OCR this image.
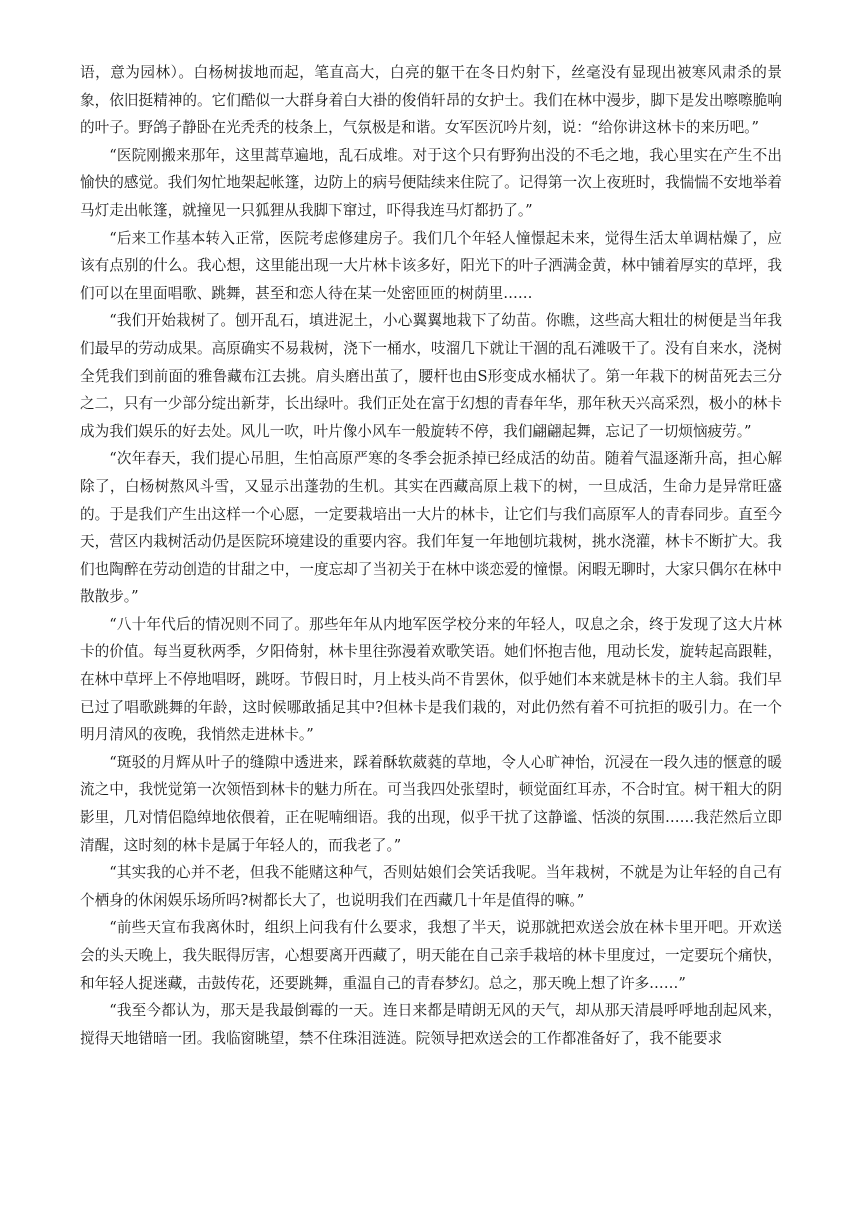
语，意为园林）。白杨树拔地而起，笔直高大，白亮的躯干在冬日灼射下，丝毫没有显现出被寒风肃杀的景象，依旧挺精神的。它们酷似一大群身着白大褂的俊俏轩昂的女护士。我们在林中漫步，脚下是发出嚓嚓脆响的叶子。野鸽子静卧在光秃秃的枝条上，气氛极是和谐。女军医沉吟片刻，说：“给你讲这林卡的来历吧。”

“医院刚搬来那年，这里蒿草遍地，乱石成堆。对于这个只有野狗出没的不毛之地，我心里实在产生不出愉快的感觉。我们匆忙地架起帐篷，边防上的病号便陆续来住院了。记得第一次上夜班时，我惴惴不安地举着马灯走出帐篷，就撞见一只狐狸从我脚下窜过，吓得我连马灯都扔了。”

“后来工作基本转入正常，医院考虑修建房子。我们几个年轻人憧憬起未来，觉得生活太单调枯燥了，应该有点别的什么。我心想，这里能出现一大片林卡该多好，阳光下的叶子洒满金黄，林中铺着厚实的草坪，我们可以在里面唱歌、跳舞，甚至和恋人待在某一处密匝匝的树荫里……

“我们开始栽树了。刨开乱石，填进泥土，小心翼翼地栽下了幼苗。你瞧，这些高大粗壮的树便是当年我们最早的劳动成果。高原确实不易栽树，浇下一桶水，吱溜几下就让干涸的乱石滩吸干了。没有自来水，浇树全凭我们到前面的雅鲁藏布江去挑。肩头磨出茧了，腰杆也由S形变成水桶状了。第一年栽下的树苗死去三分之二，只有一少部分绽出新芽，长出绿叶。我们正处在富于幻想的青春年华，那年秋天兴高采烈，极小的林卡成为我们娱乐的好去处。风儿一吹，叶片像小风车一般旋转不停，我们翩翩起舞，忘记了一切烦恼疲劳。”

“次年春天，我们提心吊胆，生怕高原严寒的冬季会扼杀掉已经成活的幼苗。随着气温逐渐升高，担心解除了，白杨树熬风斗雪，又显示出蓬勃的生机。其实在西藏高原上栽下的树，一旦成活，生命力是异常旺盛的。于是我们产生出这样一个心愿，一定要栽培出一大片的林卡，让它们与我们高原军人的青春同步。直至今天，营区内栽树活动仍是医院环境建设的重要内容。我们年复一年地刨坑栽树，挑水浇灌，林卡不断扩大。我们也陶醉在劳动创造的甘甜之中，一度忘却了当初关于在林中谈恋爱的憧憬。闲暇无聊时，大家只偶尔在林中散散步。”

“八十年代后的情况则不同了。那些年年从内地军医学校分来的年轻人，叹息之余，终于发现了这大片林卡的价值。每当夏秋两季，夕阳倚射，林卡里往弥漫着欢歌笑语。她们怀抱吉他，甩动长发，旋转起高跟鞋，在林中草坪上不停地唱呀，跳呀。节假日时，月上枝头尚不肯罢休，似乎她们本来就是林卡的主人翁。我们早已过了唱歌跳舞的年龄，这时候哪敢插足其中?但林卡是我们栽的，对此仍然有着不可抗拒的吸引力。在一个明月清风的夜晚，我悄然走进林卡。”

“斑驳的月辉从叶子的缝隙中透进来，踩着酥软葳蕤的草地，令人心旷神怡，沉浸在一段久违的惬意的暖流之中，我恍觉第一次领悟到林卡的魅力所在。可当我四处张望时，顿觉面红耳赤，不合时宜。树干粗大的阴影里，几对情侣隐绰地依偎着，正在呢喃细语。我的出现，似乎干扰了这静谧、恬淡的氛围……我茫然后立即清醒，这时刻的林卡是属于年轻人的，而我老了。”

“其实我的心并不老，但我不能赌这种气，否则姑娘们会笑话我呢。当年栽树，不就是为让年轻的自己有个栖身的休闲娱乐场所吗?树都长大了，也说明我们在西藏几十年是值得的嘛。”

“前些天宣布我离休时，组织上问我有什么要求，我想了半天，说那就把欢送会放在林卡里开吧。开欢送会的头天晚上，我失眠得厉害，心想要离开西藏了，明天能在自己亲手栽培的林卡里度过，一定要玩个痛快，和年轻人捉迷藏，击鼓传花，还要跳舞，重温自己的青春梦幻。总之，那天晚上想了许多……”

“我至今都认为，那天是我最倒霉的一天。连日来都是晴朗无风的天气，却从那天清晨呼呼地刮起风来，搅得天地错暗一团。我临窗眺望，禁不住珠泪涟涟。院领导把欢送会的工作都准备好了，我不能要求
